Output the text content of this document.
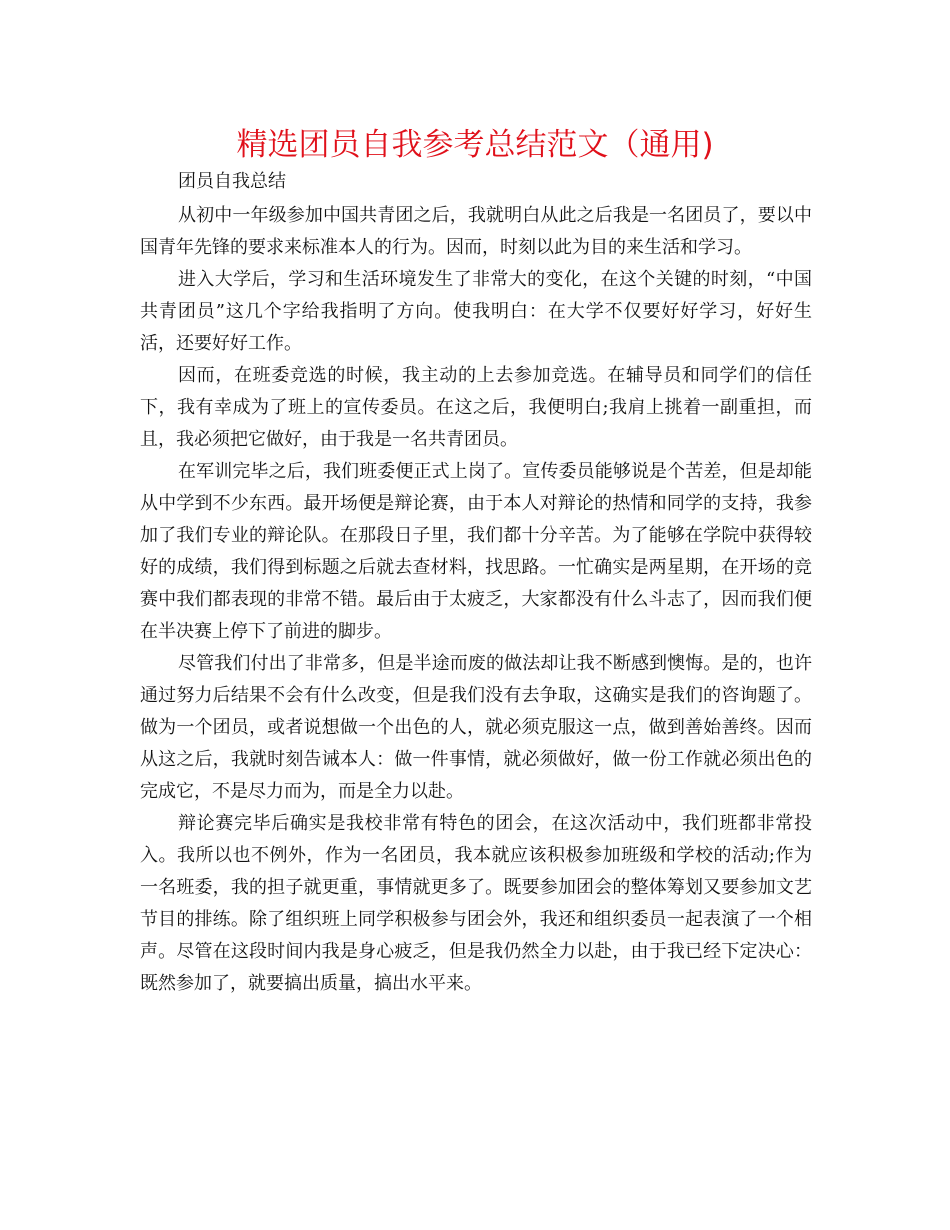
精选团员自我参考总结范文（通用)
团员自我总结

从初中一年级参加中国共青团之后，我就明白从此之后我是一名团员了，要以中国青年先锋的要求来标准本人的行为。因而，时刻以此为目的来生活和学习。

进入大学后，学习和生活环境发生了非常大的变化，在这个关键的时刻，“中国共青团员”这几个字给我指明了方向。使我明白：在大学不仅要好好学习，好好生活，还要好好工作。

因而，在班委竞选的时候，我主动的上去参加竞选。在辅导员和同学们的信任下，我有幸成为了班上的宣传委员。在这之后，我便明白;我肩上挑着一副重担，而且，我必须把它做好，由于我是一名共青团员。

在军训完毕之后，我们班委便正式上岗了。宣传委员能够说是个苦差，但是却能从中学到不少东西。最开场便是辩论赛，由于本人对辩论的热情和同学的支持，我参加了我们专业的辩论队。在那段日子里，我们都十分辛苦。为了能够在学院中获得较好的成绩，我们得到标题之后就去查材料，找思路。一忙确实是两星期，在开场的竞赛中我们都表现的非常不错。最后由于太疲乏，大家都没有什么斗志了，因而我们便在半决赛上停下了前进的脚步。

尽管我们付出了非常多，但是半途而废的做法却让我不断感到懊悔。是的，也许通过努力后结果不会有什么改变，但是我们没有去争取，这确实是我们的咨询题了。做为一个团员，或者说想做一个出色的人，就必须克服这一点，做到善始善终。因而从这之后，我就时刻告诫本人：做一件事情，就必须做好，做一份工作就必须出色的完成它，不是尽力而为，而是全力以赴。

辩论赛完毕后确实是我校非常有特色的团会，在这次活动中，我们班都非常投入。我所以也不例外，作为一名团员，我本就应该积极参加班级和学校的活动;作为一名班委，我的担子就更重，事情就更多了。既要参加团会的整体筹划又要参加文艺节目的排练。除了组织班上同学积极参与团会外，我还和组织委员一起表演了一个相声。尽管在这段时间内我是身心疲乏，但是我仍然全力以赴，由于我已经下定决心：既然参加了，就要搞出质量，搞出水平来。
